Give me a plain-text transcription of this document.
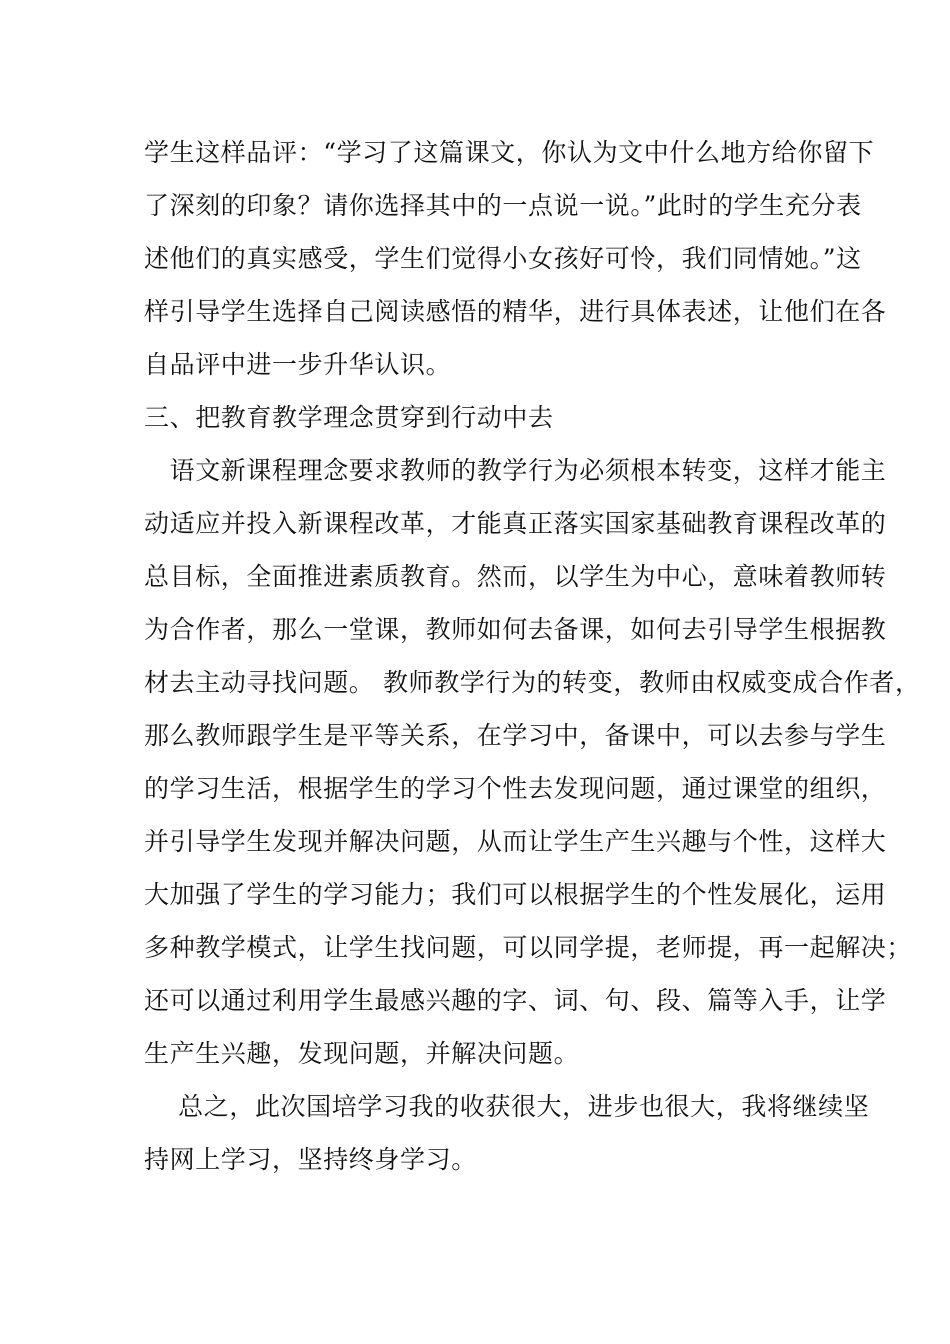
学生这样品评：“学习了这篇课文，你认为文中什么地方给你留下
了深刻的印象？请你选择其中的一点说一说。”此时的学生充分表
述他们的真实感受，学生们觉得小女孩好可怜，我们同情她。”这
样引导学生选择自己阅读感悟的精华，进行具体表述，让他们在各
自品评中进一步升华认识。
三、把教育教学理念贯穿到行动中去
　语文新课程理念要求教师的教学行为必须根本转变，这样才能主
动适应并投入新课程改革，才能真正落实国家基础教育课程改革的
总目标，全面推进素质教育。然而，以学生为中心，意味着教师转
为合作者，那么一堂课，教师如何去备课，如何去引导学生根据教
材去主动寻找问题。 教师教学行为的转变，教师由权威变成合作者，
那么教师跟学生是平等关系，在学习中，备课中，可以去参与学生
的学习生活，根据学生的学习个性去发现问题，通过课堂的组织，
并引导学生发现并解决问题，从而让学生产生兴趣与个性，这样大
大加强了学生的学习能力；我们可以根据学生的个性发展化，运用
多种教学模式，让学生找问题，可以同学提，老师提，再一起解决；
还可以通过利用学生最感兴趣的字、词、句、段、篇等入手，让学
生产生兴趣，发现问题，并解决问题。
　 总之，此次国培学习我的收获很大，进步也很大，我将继续坚
持网上学习，坚持终身学习。
